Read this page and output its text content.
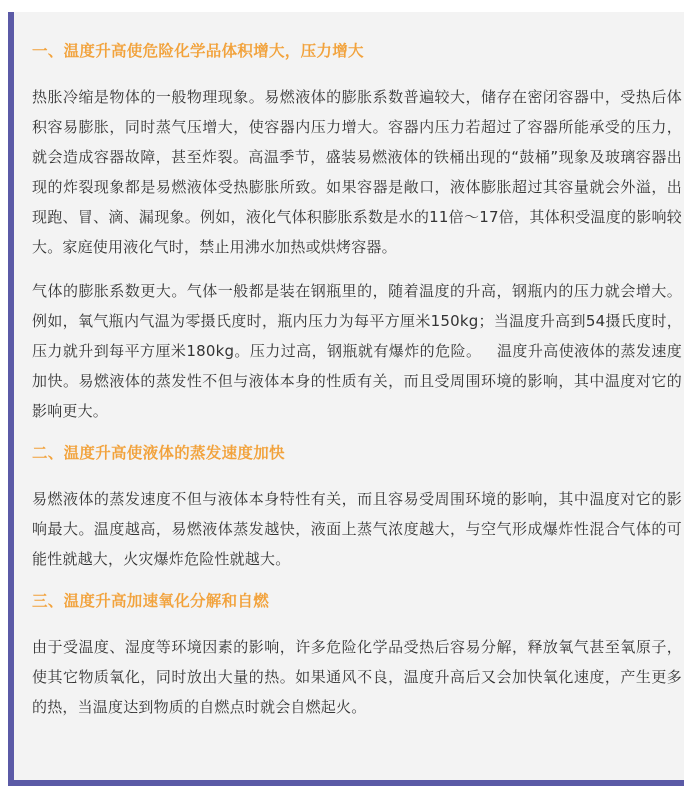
一、温度升高使危险化学品体积增大，压力增大

热胀冷缩是物体的一般物理现象。易燃液体的膨胀系数普遍较大，储存在密闭容器中，受热后体积容易膨胀，同时蒸气压增大，使容器内压力增大。容器内压力若超过了容器所能承受的压力，就会造成容器故障，甚至炸裂。高温季节，盛装易燃液体的铁桶出现的“鼓桶”现象及玻璃容器出现的炸裂现象都是易燃液体受热膨胀所致。如果容器是敞口，液体膨胀超过其容量就会外溢，出现跑、冒、滴、漏现象。例如，液化气体积膨胀系数是水的11倍～17倍，其体积受温度的影响较大。家庭使用液化气时，禁止用沸水加热或烘烤容器。

气体的膨胀系数更大。气体一般都是装在钢瓶里的，随着温度的升高，钢瓶内的压力就会增大。例如，氧气瓶内气温为零摄氏度时，瓶内压力为每平方厘米150kg；当温度升高到54摄氏度时，压力就升到每平方厘米180kg。压力过高，钢瓶就有爆炸的危险。   温度升高使液体的蒸发速度加快。易燃液体的蒸发性不但与液体本身的性质有关，而且受周围环境的影响，其中温度对它的影响更大。

二、温度升高使液体的蒸发速度加快

易燃液体的蒸发速度不但与液体本身特性有关，而且容易受周围环境的影响，其中温度对它的影响最大。温度越高，易燃液体蒸发越快，液面上蒸气浓度越大，与空气形成爆炸性混合气体的可能性就越大，火灾爆炸危险性就越大。

三、温度升高加速氧化分解和自燃

由于受温度、湿度等环境因素的影响，许多危险化学品受热后容易分解，释放氧气甚至氧原子，使其它物质氧化，同时放出大量的热。如果通风不良，温度升高后又会加快氧化速度，产生更多的热，当温度达到物质的自燃点时就会自燃起火。
